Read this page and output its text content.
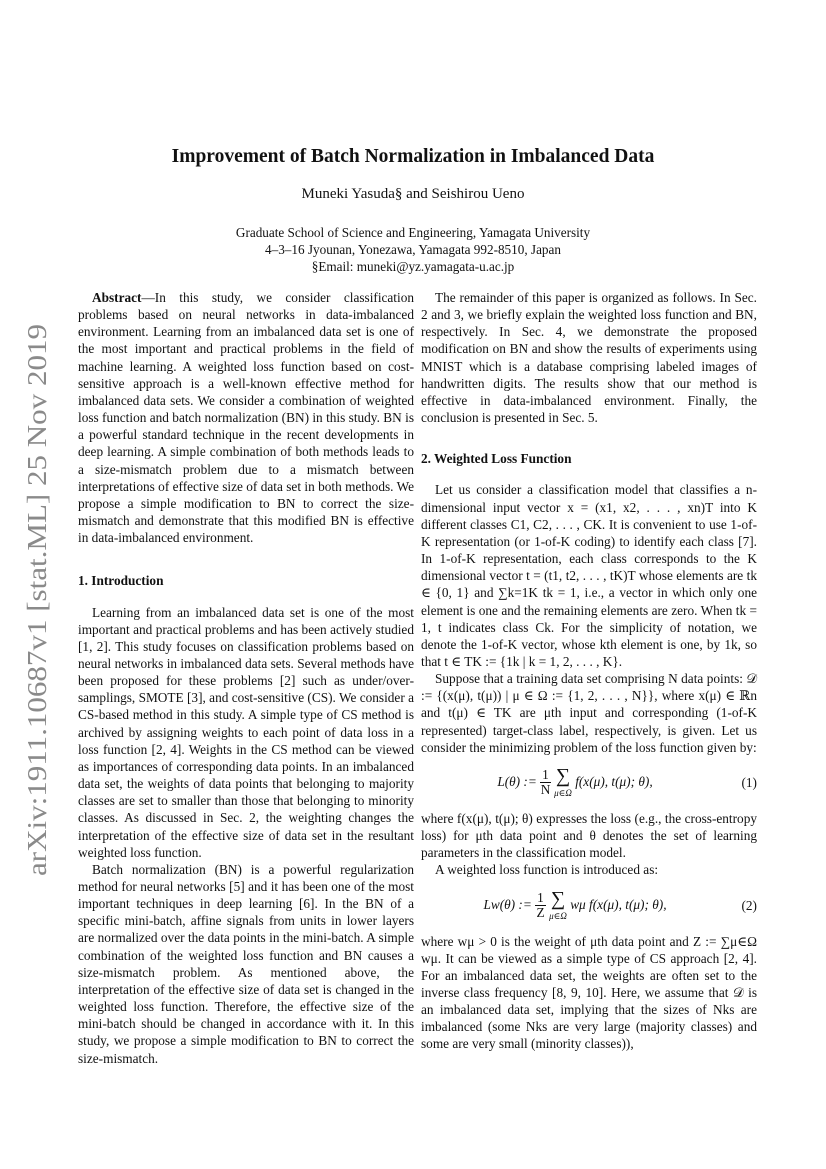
arXiv:1911.10687v1 [stat.ML] 25 Nov 2019
Improvement of Batch Normalization in Imbalanced Data
Muneki Yasuda§ and Seishirou Ueno
Graduate School of Science and Engineering, Yamagata University
4–3–16 Jyounan, Yonezawa, Yamagata 992-8510, Japan
§Email: muneki@yz.yamagata-u.ac.jp

Abstract—In this study, we consider classification problems based on neural networks in data-imbalanced environment. Learning from an imbalanced data set is one of the most important and practical problems in the field of machine learning. A weighted loss function based on cost-sensitive approach is a well-known effective method for imbalanced data sets. We consider a combination of weighted loss function and batch normalization (BN) in this study. BN is a powerful standard technique in the recent developments in deep learning. A simple combination of both methods leads to a size-mismatch problem due to a mismatch between interpretations of effective size of data set in both methods. We propose a simple modification to BN to correct the size-mismatch and demonstrate that this modified BN is effective in data-imbalanced environment.

1. Introduction

Learning from an imbalanced data set is one of the most important and practical problems and has been actively studied [1, 2]. This study focuses on classification problems based on neural networks in imbalanced data sets. Several methods have been proposed for these problems [2] such as under/over-samplings, SMOTE [3], and cost-sensitive (CS). We consider a CS-based method in this study. A simple type of CS method is archived by assigning weights to each point of data loss in a loss function [2, 4]. Weights in the CS method can be viewed as importances of corresponding data points. In an imbalanced data set, the weights of data points that belonging to majority classes are set to smaller than those that belonging to minority classes. As discussed in Sec. 2, the weighting changes the interpretation of the effective size of data set in the resultant weighted loss function.

Batch normalization (BN) is a powerful regularization method for neural networks [5] and it has been one of the most important techniques in deep learning [6]. In the BN of a specific mini-batch, affine signals from units in lower layers are normalized over the data points in the mini-batch. A simple combination of the weighted loss function and BN causes a size-mismatch problem. As mentioned above, the interpretation of the effective size of data set is changed in the weighted loss function. Therefore, the effective size of the mini-batch should be changed in accordance with it. In this study, we propose a simple modification to BN to correct the size-mismatch.

The remainder of this paper is organized as follows. In Sec. 2 and 3, we briefly explain the weighted loss function and BN, respectively. In Sec. 4, we demonstrate the proposed modification on BN and show the results of experiments using MNIST which is a database comprising labeled images of handwritten digits. The results show that our method is effective in data-imbalanced environment. Finally, the conclusion is presented in Sec. 5.

2. Weighted Loss Function

Let us consider a classification model that classifies a n-dimensional input vector x = (x1, x2, . . . , xn)T into K different classes C1, C2, . . . , CK. It is convenient to use 1-of-K representation (or 1-of-K coding) to identify each class [7]. In 1-of-K representation, each class corresponds to the K dimensional vector t = (t1, t2, . . . , tK)T whose elements are tk ∈ {0, 1} and ∑k=1K tk = 1, i.e., a vector in which only one element is one and the remaining elements are zero. When tk = 1, t indicates class Ck. For the simplicity of notation, we denote the 1-of-K vector, whose kth element is one, by 1k, so that t ∈ TK := {1k | k = 1, 2, . . . , K}.

Suppose that a training data set comprising N data points: 𝒟 := {(x(μ), t(μ)) | μ ∈ Ω := {1, 2, . . . , N}}, where x(μ) ∈ ℝn and t(μ) ∈ TK are μth input and corresponding (1-of-K represented) target-class label, respectively, is given. Let us consider the minimizing problem of the loss function given by:

L(θ) := $\frac{1}{N}$
∑
μ∈Ω
f(x(μ), t(μ); θ),	(1)

where f(x(μ), t(μ); θ) expresses the loss (e.g., the cross-entropy loss) for μth data point and θ denotes the set of learning parameters in the classification model.

A weighted loss function is introduced as:

Lw(θ) := $\frac{1}{Z}$
∑
μ∈Ω
wμ f(x(μ), t(μ); θ),	(2)

where wμ > 0 is the weight of μth data point and Z := ∑μ∈Ω wμ. It can be viewed as a simple type of CS approach [2, 4]. For an imbalanced data set, the weights are often set to the inverse class frequency [8, 9, 10]. Here, we assume that 𝒟 is an imbalanced data set, implying that the sizes of Nks are imbalanced (some Nks are very large (majority classes) and some are very small (minority classes)),
